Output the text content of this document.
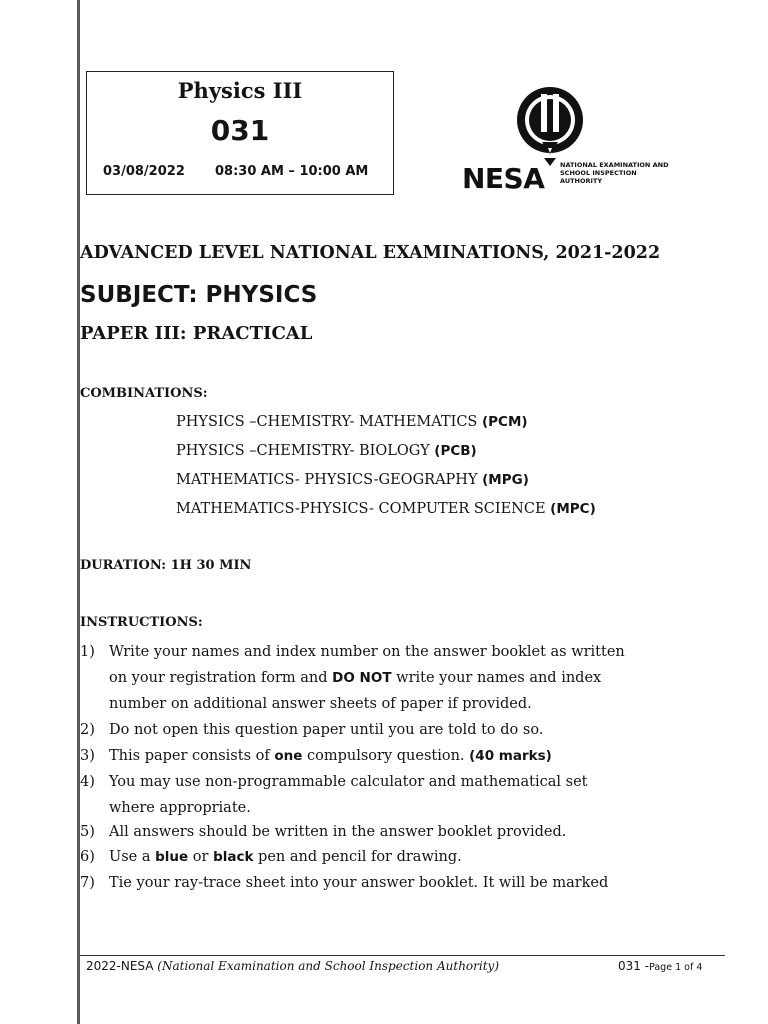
Physics III
031
03/08/2022 08:30 AM – 10:00 AM	NESA NATIONAL EXAMINATION AND
SCHOOL INSPECTION
AUTHORITY
ADVANCED LEVEL NATIONAL EXAMINATIONS, 2021-2022
SUBJECT: PHYSICS
PAPER III: PRACTICAL
COMBINATIONS:
PHYSICS –CHEMISTRY- MATHEMATICS (PCM)
PHYSICS –CHEMISTRY- BIOLOGY (PCB)
MATHEMATICS- PHYSICS-GEOGRAPHY (MPG)
MATHEMATICS-PHYSICS- COMPUTER SCIENCE (MPC)
DURATION: 1H 30 MIN
INSTRUCTIONS:
1) Write your names and index number on the answer booklet as written
on your registration form and DO NOT write your names and index
number on additional answer sheets of paper if provided.
2) Do not open this question paper until you are told to do so.
3) This paper consists of one compulsory question. (40 marks)
4) You may use non-programmable calculator and mathematical set
where appropriate.
5) All answers should be written in the answer booklet provided.
6) Use a blue or black pen and pencil for drawing.
7) Tie your ray-trace sheet into your answer booklet. It will be marked
2022-NESA (National Examination and School Inspection Authority)	031 -Page 1 of 4
